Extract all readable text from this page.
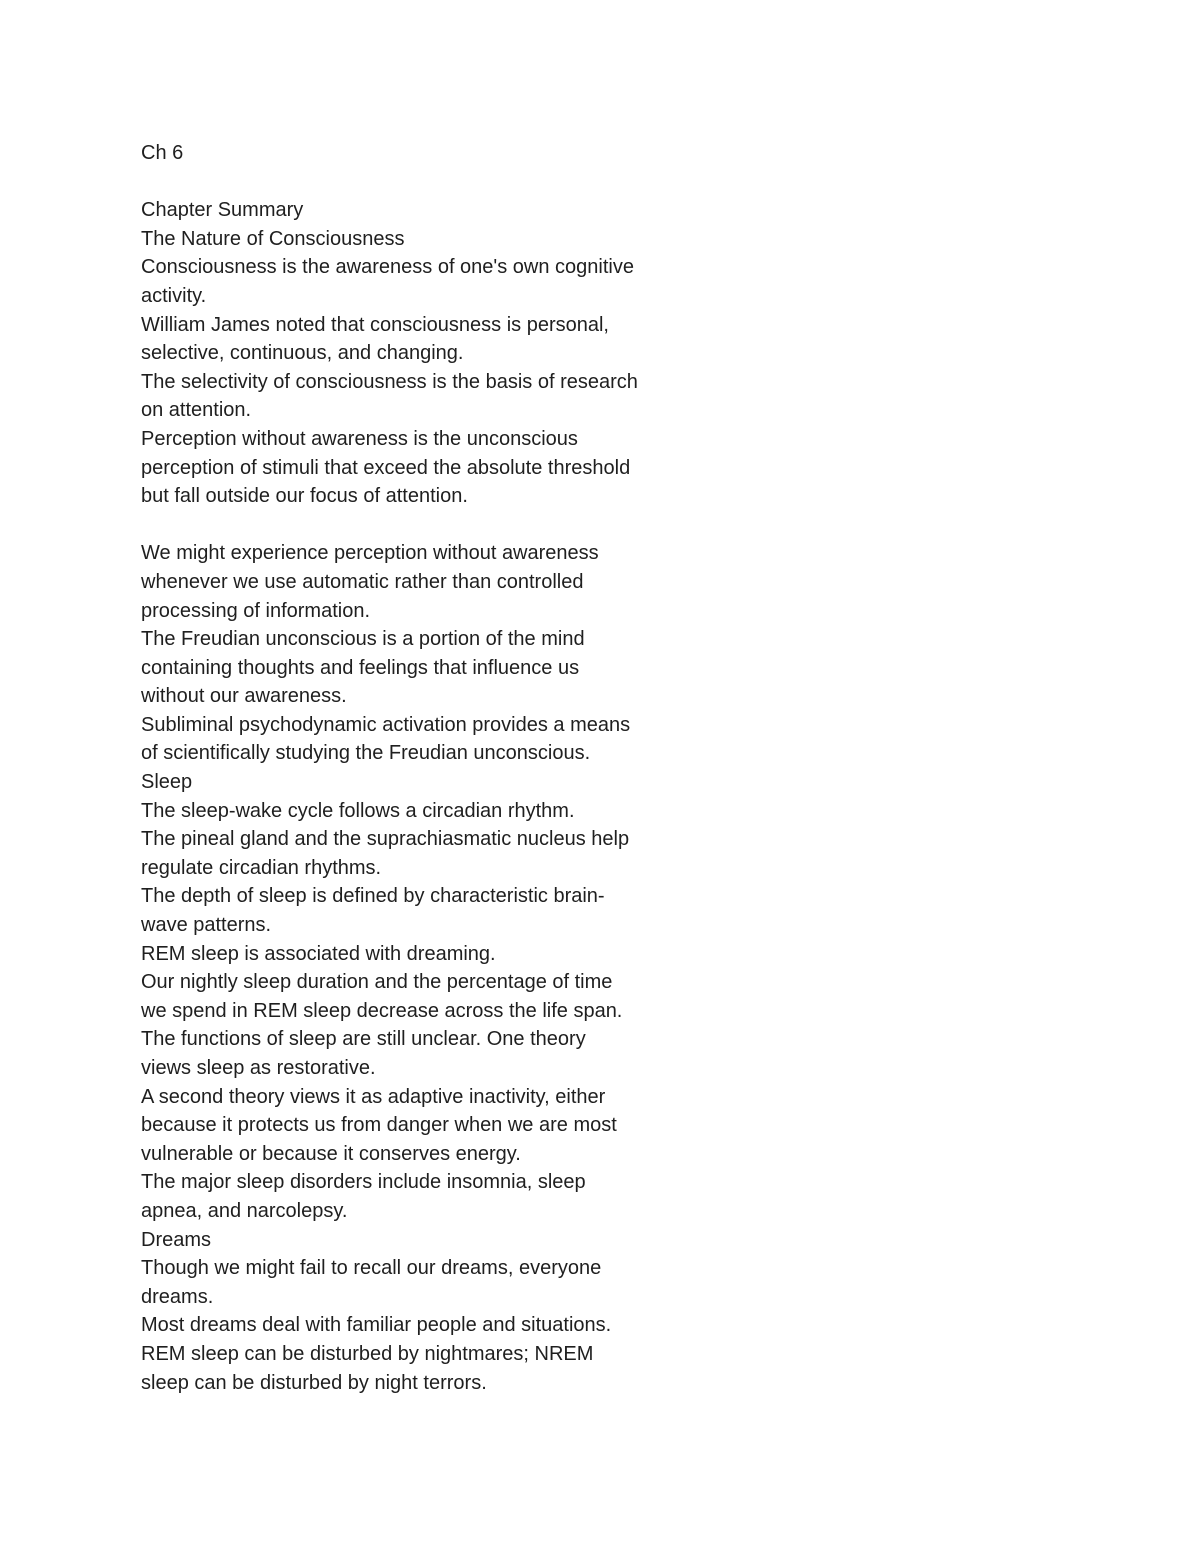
Ch 6
Chapter Summary
The Nature of Consciousness
Consciousness is the awareness of one's own cognitive
activity.
William James noted that consciousness is personal,
selective, continuous, and changing.
The selectivity of consciousness is the basis of research
on attention.
Perception without awareness is the unconscious
perception of stimuli that exceed the absolute threshold
but fall outside our focus of attention.
We might experience perception without awareness
whenever we use automatic rather than controlled
processing of information.
The Freudian unconscious is a portion of the mind
containing thoughts and feelings that influence us
without our awareness.
Subliminal psychodynamic activation provides a means
of scientifically studying the Freudian unconscious.
Sleep
The sleep-wake cycle follows a circadian rhythm.
The pineal gland and the suprachiasmatic nucleus help
regulate circadian rhythms.
The depth of sleep is defined by characteristic brain-
wave patterns.
REM sleep is associated with dreaming.
Our nightly sleep duration and the percentage of time
we spend in REM sleep decrease across the life span.
The functions of sleep are still unclear. One theory
views sleep as restorative.
A second theory views it as adaptive inactivity, either
because it protects us from danger when we are most
vulnerable or because it conserves energy.
The major sleep disorders include insomnia, sleep
apnea, and narcolepsy.
Dreams
Though we might fail to recall our dreams, everyone
dreams.
Most dreams deal with familiar people and situations.
REM sleep can be disturbed by nightmares; NREM
sleep can be disturbed by night terrors.
